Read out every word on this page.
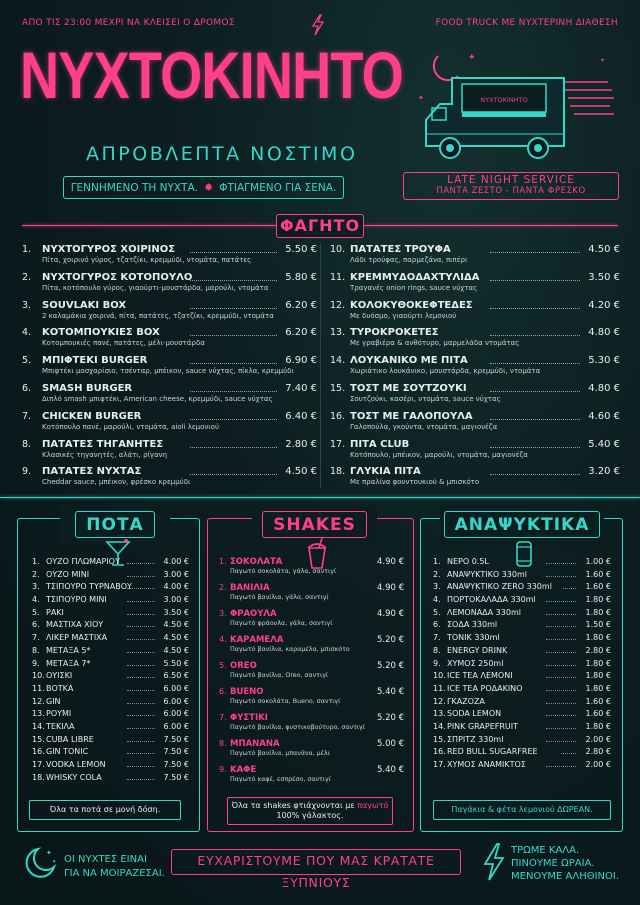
ΑΠΟ ΤΙΣ 23:00 ΜΕΧΡΙ ΝΑ ΚΛΕΙΣΕΙ Ο ΔΡΟΜΟΣ	FOOD TRUCK ΜΕ ΝΥΧΤΕΡΙΝΗ ΔΙΑΘΕΣΗ
ΝΥΧΤΟΚΙΝΗΤΟ
ΑΠΡΟΒΛΕΠΤΑ ΝΟΣΤΙΜΟ
ΓΕΝΝΗΜΕΝΟ ΤΗ ΝΥΧΤΑ. ✸ ΦΤΙΑΓΜΕΝΟ ΓΙΑ ΣΕΝΑ.
✦
✦
✦
ΝΥΧΤΟΚΙΝΗΤΟ
LATE NIGHT SERVICE
ΠΑΝΤΑ ΖΕΣΤΟ - ΠΑΝΤΑ ΦΡΕΣΚΟ
ΦΑΓΗΤΟ
1. ΝΥΧΤΟΓΥΡΟΣ ΧΟΙΡΙΝΟΣ	5.50 €
Πίτα, χοιρινό γύρος, τζατζίκι, κρεμμύδι, ντομάτα, πατάτες
2. ΝΥΧΤΟΓΥΡΟΣ ΚΟΤΟΠΟΥΛΟ	5.80 €
Πίτα, κοτόπουλο γύρος, γιαούρτι-μουστάρδα, μαρούλι, ντομάτα
3. SOUVLAKI BOX	6.20 €
2 καλαμάκια χοιρινά, πίτα, πατάτες, τζατζίκι, κρεμμύδι, ντομάτα
4. ΚΟΤΟΜΠΟΥΚΙΕΣ BOX	6.20 €
Κοτομπουκιές πανέ, πατάτες, μέλι-μουστάρδα
5. ΜΠΙΦΤΕΚΙ BURGER	6.90 €
Μπιφτέκι μοσχαρίσιο, τσένταρ, μπέικον, sauce νύχτας, πίκλα, κρεμμύδι
6. SMASH BURGER	7.40 €
Διπλό smash μπιφτέκι, American cheese, κρεμμύδι, sauce νύχτας
7. CHICKEN BURGER	6.40 €
Κοτόπουλο πανέ, μαρούλι, ντομάτα, aioli λεμονιού
8. ΠΑΤΑΤΕΣ ΤΗΓΑΝΗΤΕΣ	2.80 €
Κλασικές τηγανητές, αλάτι, ρίγανη
9. ΠΑΤΑΤΕΣ ΝΥΧΤΑΣ	4.50 €
Cheddar sauce, μπέικον, φρέσκο κρεμμύδι
10. ΠΑΤΑΤΕΣ ΤΡΟΥΦΑ	4.50 €
Λάδι τρούφας, παρμεζάνα, πιπέρι
11. ΚΡΕΜΜΥΔΟΔΑΧΤΥΛΙΔΑ	3.50 €
Τραγανές onion rings, sauce νύχτας
12. ΚΟΛΟΚΥΘΟΚΕΦΤΕΔΕΣ	4.20 €
Με δυόσμο, γιαούρτι λεμονιού
13. ΤΥΡΟΚΡΟΚΕΤΕΣ	4.80 €
Με γραβιέρα & ανθότυρο, μαρμελάδα ντομάτας
14. ΛΟΥΚΑΝΙΚΟ ΜΕ ΠΙΤΑ	5.30 €
Χωριάτικο λουκάνικο, μουστάρδα, κρεμμύδι, ντομάτα
15. ΤΟΣΤ ΜΕ ΣΟΥΤΖΟΥΚΙ	4.80 €
Σουτζούκι, κασέρι, ντομάτα, sauce νύχτας
16. ΤΟΣΤ ΜΕ ΓΑΛΟΠΟΥΛΑ	4.60 €
Γαλοπούλα, γκούντα, ντομάτα, μαγιονέζα
17. ΠΙΤΑ CLUB	5.40 €
Κοτόπουλο, μπέικον, μαρούλι, ντομάτα, μαγιονέζα
18. ΓΛΥΚΙΑ ΠΙΤΑ	3.20 €
Με πραλίνα φουντουκιού & μπισκότο
ΠΟΤΑ	SHAKES	ΑΝΑΨΥΚΤΙΚΑ
1. ΟΥΖΟ ΠΛΩΜΑΡΙΟΥ	4.00 €
2. ΟΥΖΟ MINI	3.00 €
3. ΤΣΙΠΟΥΡΟ ΤΥΡΝΑΒΟΥ	4.00 €
4. ΤΣΙΠΟΥΡΟ MINI	3.00 €
5. ΡΑΚΙ	3.50 €
6. ΜΑΣΤΙΧΑ ΧΙΟΥ	4.50 €
7. ΛΙΚΕΡ ΜΑΣΤΙΧΑ	4.50 €
8. ΜΕΤΑΞΑ 5*	4.50 €
9. ΜΕΤΑΞΑ 7*	5.50 €
10. ΟΥΙΣΚΙ	6.50 €
11. ΒΟΤΚΑ	6.00 €
12. GIN	6.00 €
13. ΡΟΥΜΙ	6.00 €
14. ΤΕΚΙΛΑ	6.00 €
15. CUBA LIBRE	7.50 €
16. GIN TONIC	7.50 €
17. VODKA LEMON	7.50 €
18. WHISKY COLA	7.50 €
1. ΣΟΚΟΛΑΤΑ	4.90 €
Παγωτό σοκολάτα, γάλα, σαντιγί
2. ΒΑΝΙΛΙΑ	4.90 €
Παγωτό βανίλια, γάλα, σαντιγί
3. ΦΡΑΟΥΛΑ	4.90 €
Παγωτό φράουλα, γάλα, σαντιγί
4. ΚΑΡΑΜΕΛΑ	5.20 €
Παγωτό βανίλια, καραμέλα, μπισκότο
5. OREO	5.20 €
Παγωτό βανίλια, Oreo, σαντιγί
6. BUENO	5.40 €
Παγωτό σοκολάτα, Bueno, σαντιγί
7. ΦΥΣΤΙΚΙ	5.20 €
Παγωτό βανίλια, φυστικοβούτυρο, σαντιγί
8. ΜΠΑΝΑΝΑ	5.00 €
Παγωτό βανίλια, μπανάνα, μέλι
9. ΚΑΦΕ	5.40 €
Παγωτό καφέ, εσπρέσο, σαντιγί
1. ΝΕΡΟ 0.5L	1.00 €
2. ΑΝΑΨΥΚΤΙΚΟ 330ml	1.60 €
3. ΑΝΑΨΥΚΤΙΚΟ ZERO 330ml	1.60 €
4. ΠΟΡΤΟΚΑΛΑΔΑ 330ml	1.80 €
5. ΛΕΜΟΝΑΔΑ 330ml	1.80 €
6. ΣΟΔΑ 330ml	1.50 €
7. ΤΟΝΙΚ 330ml	1.80 €
8. ENERGY DRINK	2.80 €
9. ΧΥΜΟΣ 250ml	1.80 €
10. ICE TEA ΛΕΜΟΝΙ	1.80 €
11. ICE TEA ΡΟΔΑΚΙΝΟ	1.80 €
12. ΓΚΑΖΟΖΑ	1.60 €
13. SODA LEMON	1.60 €
14. PINK GRAPEFRUIT	1.80 €
15. ΣΠΡΙΤΖ 330ml	2.00 €
16. RED BULL SUGARFREE	2.80 €
17. ΧΥΜΟΣ ΑΝΑΜΙΚΤΟΣ	2.00 €
Όλα τα ποτά σε μονή δόση.	Όλα τα shakes φτιάχνονται με παγωτό
100% γάλακτος.
Παγάκια & φέτα λεμονιού ΔΩΡΕΑΝ.
✦
✦ ΟΙ ΝΥΧΤΕΣ ΕΙΝΑΙ
ΓΙΑ ΝΑ ΜΟΙΡΑΖΕΣΑΙ.
ΕΥΧΑΡΙΣΤΟΥΜΕ ΠΟΥ ΜΑΣ ΚΡΑΤΑΤΕ ΞΥΠΝΙΟΥΣ
ΤΡΩΜΕ ΚΑΛΑ.
ΠΙΝΟΥΜΕ ΩΡΑΙΑ.
ΜΕΝΟΥΜΕ ΑΛΗΘΙΝΟΙ.
